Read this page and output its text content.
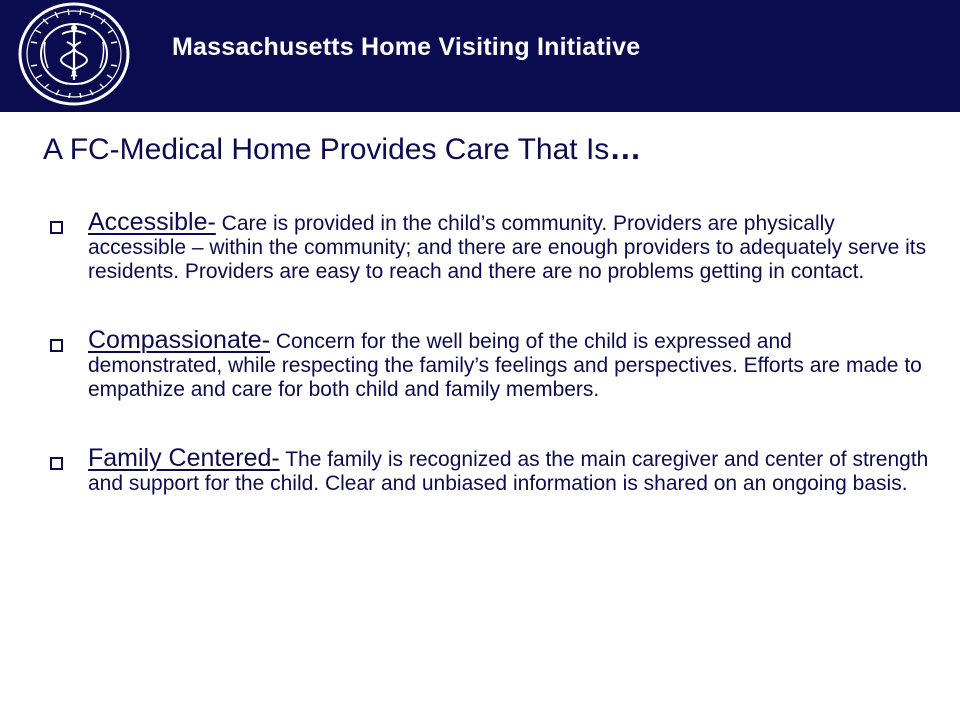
Massachusetts Home Visiting Initiative
A FC-Medical Home Provides Care That Is…
Accessible- Care is provided in the child’s community. Providers are physically accessible – within the community; and there are enough providers to adequately serve its residents. Providers are easy to reach and there are no problems getting in contact.
Compassionate- Concern for the well being of the child is expressed and demonstrated, while respecting the family’s feelings and perspectives. Efforts are made to empathize and care for both child and family members.
Family Centered- The family is recognized as the main caregiver and center of strength and support for the child. Clear and unbiased information is shared on an ongoing basis.
